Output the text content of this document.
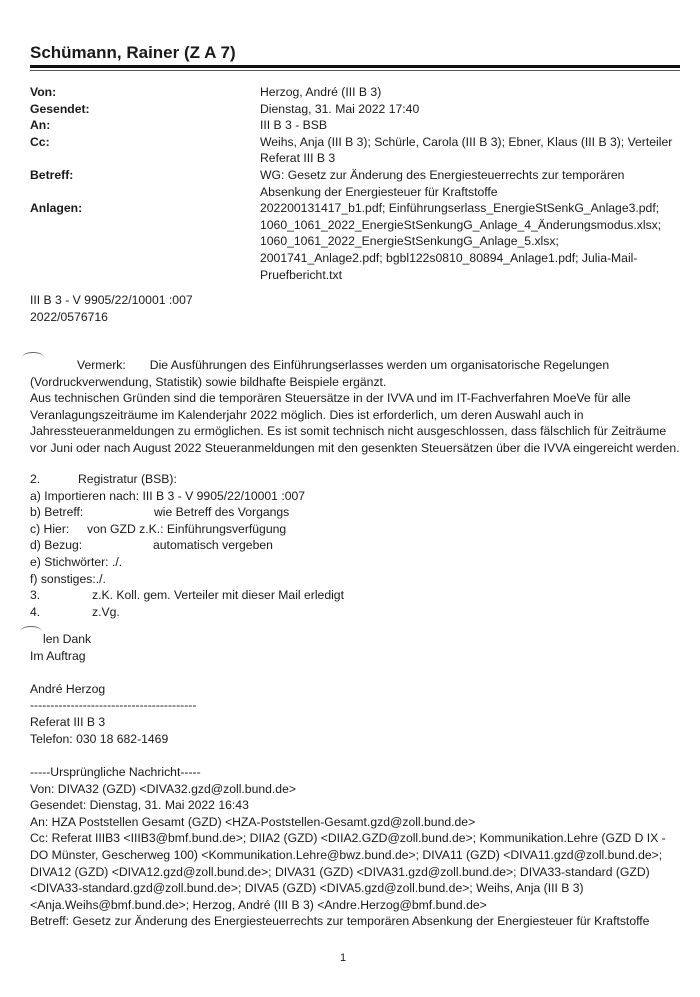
Schümann, Rainer (Z A 7)
Von:	Herzog, André (III B 3)
Gesendet:	Dienstag, 31. Mai 2022 17:40
An:	III B 3 - BSB
Cc:	Weihs, Anja (III B 3); Schürle, Carola (III B 3); Ebner, Klaus (III B 3); Verteiler Referat III B 3
Betreff:	WG: Gesetz zur Änderung des Energiesteuerrechts zur temporären Absenkung der Energiesteuer für Kraftstoffe
Anlagen:	202200131417_b1.pdf; Einführungserlass_EnergieStSenkG_Anlage3.pdf; 1060_1061_2022_EnergieStSenkungG_Anlage_4_Änderungsmodus.xlsx; 1060_1061_2022_EnergieStSenkungG_Anlage_5.xlsx; 2001741_Anlage2.pdf; bgbl122s0810_80894_Anlage1.pdf; Julia-Mail-Pruefbericht.txt
III B 3 - V 9905/22/10001 :007
2022/0576716
Vermerk: Die Ausführungen des Einführungserlasses werden um organisatorische Regelungen
(Vordruckverwendung, Statistik) sowie bildhafte Beispiele ergänzt.
Aus technischen Gründen sind die temporären Steuersätze in der IVVA und im IT-Fachverfahren MoeVe für alle Veranlagungszeiträume im Kalenderjahr 2022 möglich. Dies ist erforderlich, um deren Auswahl auch in Jahressteueranmeldungen zu ermöglichen. Es ist somit technisch nicht ausgeschlossen, dass fälschlich für Zeiträume vor Juni oder nach August 2022 Steueranmeldungen mit den gesenkten Steuersätzen über die IVVA eingereicht werden.
2.	Registratur (BSB):
a) Importieren nach: III B 3 - V 9905/22/10001 :007
b) Betreff:	wie Betreff des Vorgangs
c) Hier: von GZD z.K.: Einführungsverfügung
d) Bezug:	automatisch vergeben
e) Stichwörter: ./.
f) sonstiges:./.
3.	z.K. Koll. gem. Verteiler mit dieser Mail erledigt
4.	z.Vg.
len Dank
Im Auftrag
André Herzog
-----------------------------------------
Referat III B 3
Telefon: 030 18 682-1469
-----Ursprüngliche Nachricht-----
Von: DIVA32 (GZD) <DIVA32.gzd@zoll.bund.de>
Gesendet: Dienstag, 31. Mai 2022 16:43
An: HZA Poststellen Gesamt (GZD) <HZA-Poststellen-Gesamt.gzd@zoll.bund.de>
Cc: Referat IIIB3 <IIIB3@bmf.bund.de>; DIIA2 (GZD) <DIIA2.GZD@zoll.bund.de>; Kommunikation.Lehre (GZD D IX -
DO Münster, Gescherweg 100) <Kommunikation.Lehre@bwz.bund.de>; DIVA11 (GZD) <DIVA11.gzd@zoll.bund.de>;
DIVA12 (GZD) <DIVA12.gzd@zoll.bund.de>; DIVA31 (GZD) <DIVA31.gzd@zoll.bund.de>; DIVA33-standard (GZD)
<DIVA33-standard.gzd@zoll.bund.de>; DIVA5 (GZD) <DIVA5.gzd@zoll.bund.de>; Weihs, Anja (III B 3)
<Anja.Weihs@bmf.bund.de>; Herzog, André (III B 3) <Andre.Herzog@bmf.bund.de>
Betreff: Gesetz zur Änderung des Energiesteuerrechts zur temporären Absenkung der Energiesteuer für Kraftstoffe
1
